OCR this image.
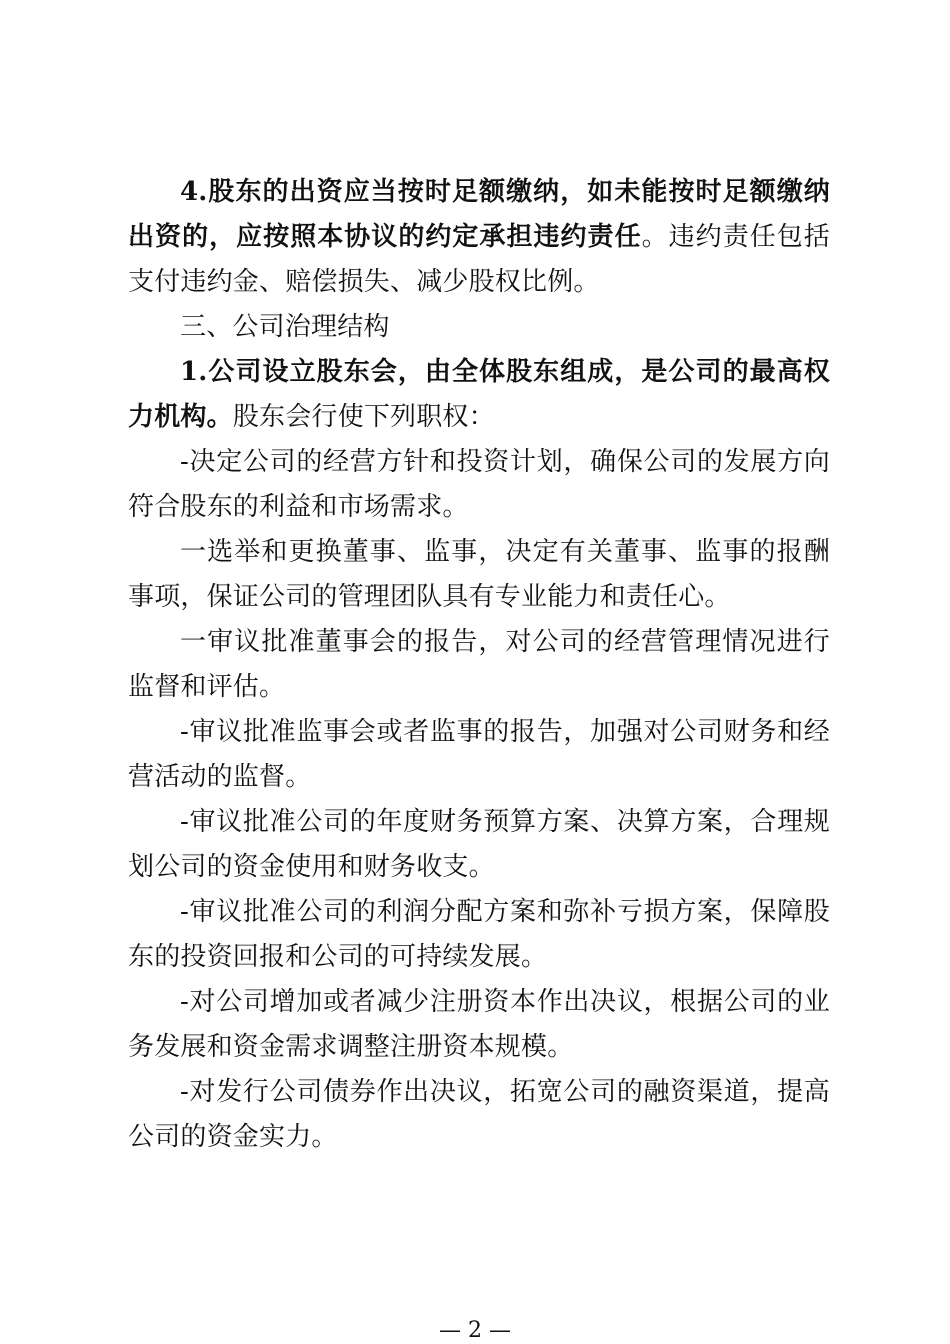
4.股东的出资应当按时足额缴纳，如未能按时足额缴纳出资的，应按照本协议的约定承担违约责任。违约责任包括支付违约金、赔偿损失、减少股权比例。

三、公司治理结构

1.公司设立股东会，由全体股东组成，是公司的最高权力机构。股东会行使下列职权：

-决定公司的经营方针和投资计划，确保公司的发展方向符合股东的利益和市场需求。

一选举和更换董事、监事，决定有关董事、监事的报酬事项，保证公司的管理团队具有专业能力和责任心。

一审议批准董事会的报告，对公司的经营管理情况进行监督和评估。

-审议批准监事会或者监事的报告，加强对公司财务和经营活动的监督。

-审议批准公司的年度财务预算方案、决算方案，合理规划公司的资金使用和财务收支。

-审议批准公司的利润分配方案和弥补亏损方案，保障股东的投资回报和公司的可持续发展。

-对公司增加或者减少注册资本作出决议，根据公司的业务发展和资金需求调整注册资本规模。

-对发行公司债券作出决议，拓宽公司的融资渠道，提高公司的资金实力。

— 2 —
